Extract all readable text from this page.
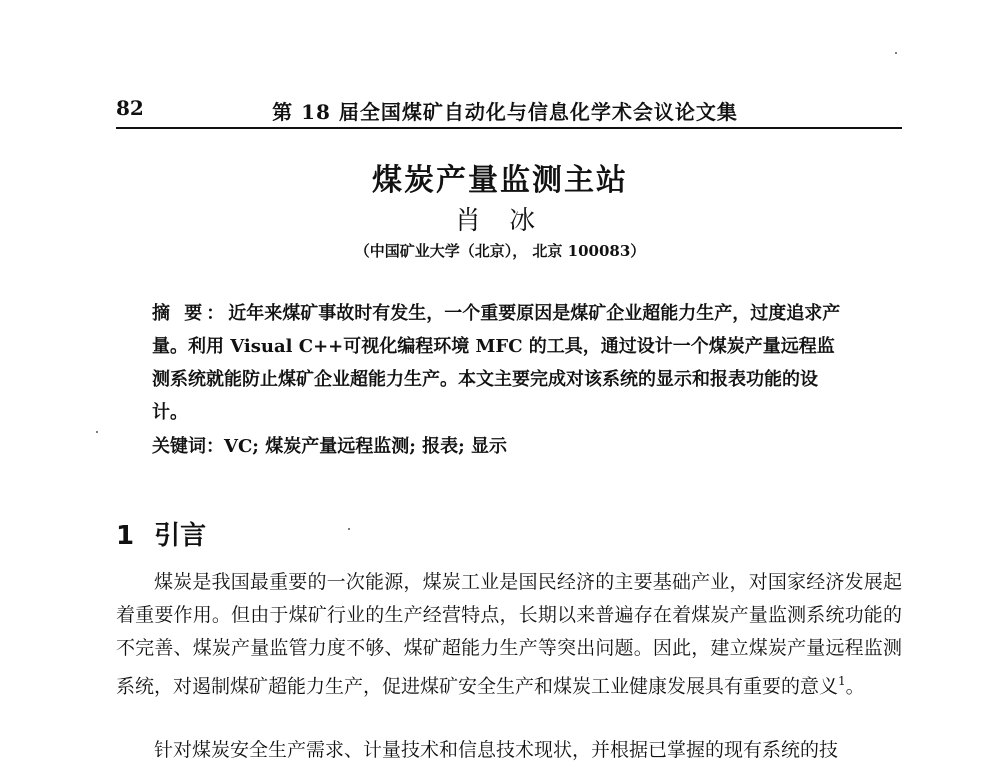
82	第 18 届全国煤矿自动化与信息化学术会议论文集
煤炭产量监测主站
肖 冰
（中国矿业大学（北京）， 北京 100083）
摘 要：近年来煤矿事故时有发生，一个重要原因是煤矿企业超能力生产，过度追求产量。利用 Visual C++可视化编程环境 MFC 的工具，通过设计一个煤炭产量远程监测系统就能防止煤矿企业超能力生产。本文主要完成对该系统的显示和报表功能的设计。
关键词：VC; 煤炭产量远程监测; 报表; 显示
1 引言
煤炭是我国最重要的一次能源，煤炭工业是国民经济的主要基础产业，对国家经济发展起着重要作用。但由于煤矿行业的生产经营特点，长期以来普遍存在着煤炭产量监测系统功能的不完善、煤炭产量监管力度不够、煤矿超能力生产等突出问题。因此，建立煤炭产量远程监测系统，对遏制煤矿超能力生产，促进煤矿安全生产和煤炭工业健康发展具有重要的意义$^1$。
针对煤炭安全生产需求、计量技术和信息技术现状，并根据已掌握的现有系统的技
